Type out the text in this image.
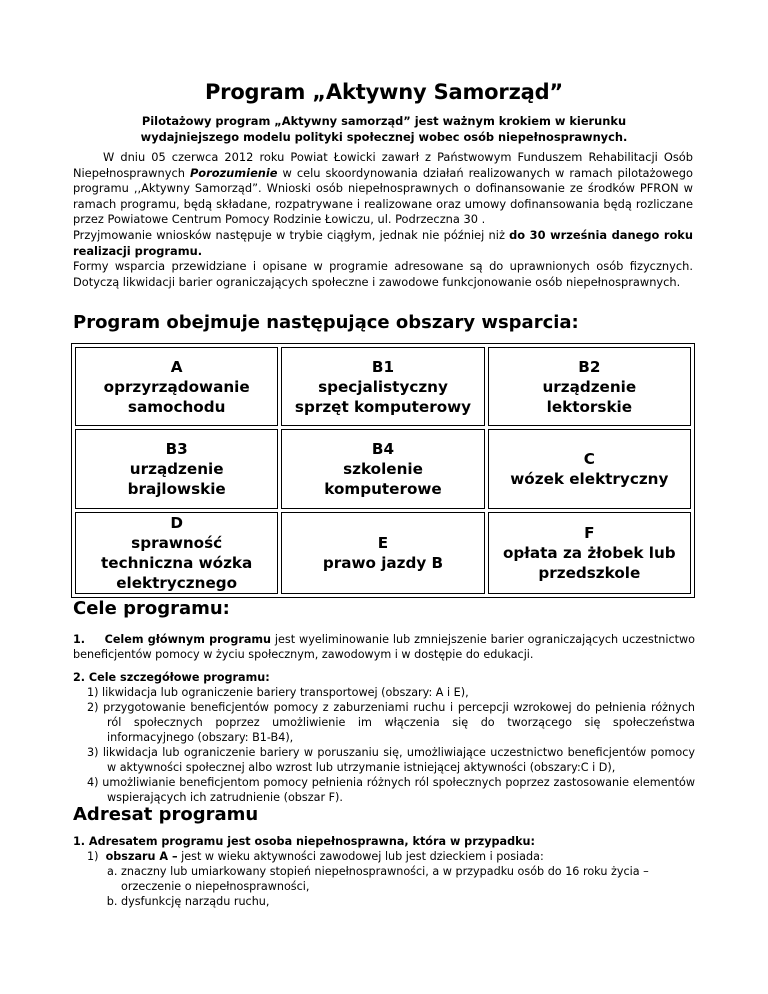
Program „Aktywny Samorząd”
Pilotażowy program „Aktywny samorząd” jest ważnym krokiem w kierunku wydajniejszego modelu polityki społecznej wobec osób niepełnosprawnych.

W dniu 05 czerwca 2012 roku Powiat Łowicki zawarł z Państwowym Funduszem Rehabilitacji Osób Niepełnosprawnych Porozumienie w celu skoordynowania działań realizowanych w ramach pilotażowego programu ,,Aktywny Samorząd”. Wnioski osób niepełnosprawnych o dofinansowanie ze środków PFRON w ramach programu, będą składane, rozpatrywane i realizowane oraz umowy dofinansowania będą rozliczane przez Powiatowe Centrum Pomocy Rodzinie Łowiczu, ul. Podrzeczna 30 .

Przyjmowanie wniosków następuje w trybie ciągłym, jednak nie później niż do 30 września danego roku realizacji programu.

Formy wsparcia przewidziane i opisane w programie adresowane są do uprawnionych osób fizycznych. Dotyczą likwidacji barier ograniczających społeczne i zawodowe funkcjonowanie osób niepełnosprawnych.

Program obejmuje następujące obszary wsparcia:
A
oprzyrządowanie
samochodu	B1
specjalistyczny
sprzęt komputerowy	B2
urządzenie
lektorskie

B3
urządzenie
brajlowskie	B4
szkolenie
komputerowe	C
wózek elektryczny

D
sprawność
techniczna wózka
elektrycznego	E
prawo jazdy B	F
opłata za żłobek lub
przedszkole
Cele programu:

1. Celem głównym programu jest wyeliminowanie lub zmniejszenie barier ograniczających uczestnictwo beneficjentów pomocy w życiu społecznym, zawodowym i w dostępie do edukacji.

2. Cele szczegółowe programu:

1) likwidacja lub ograniczenie bariery transportowej (obszary: A i E),
2) przygotowanie beneficjentów pomocy z zaburzeniami ruchu i percepcji wzrokowej do pełnienia różnych ról społecznych poprzez umożliwienie im włączenia się do tworzącego się społeczeństwa informacyjnego (obszary: B1-B4),
3) likwidacja lub ograniczenie bariery w poruszaniu się, umożliwiające uczestnictwo beneficjentów pomocy w aktywności społecznej albo wzrost lub utrzymanie istniejącej aktywności (obszary:C i D),
4) umożliwianie beneficjentom pomocy pełnienia różnych ról społecznych poprzez zastosowanie elementów wspierających ich zatrudnienie (obszar F).
Adresat programu

1. Adresatem programu jest osoba niepełnosprawna, która w przypadku:

1) obszaru A – jest w wieku aktywności zawodowej lub jest dzieckiem i posiada:

a. znaczny lub umiarkowany stopień niepełnosprawności, a w przypadku osób do 16 roku życia –orzeczenie o niepełnosprawności,
b. dysfunkcję narządu ruchu,
